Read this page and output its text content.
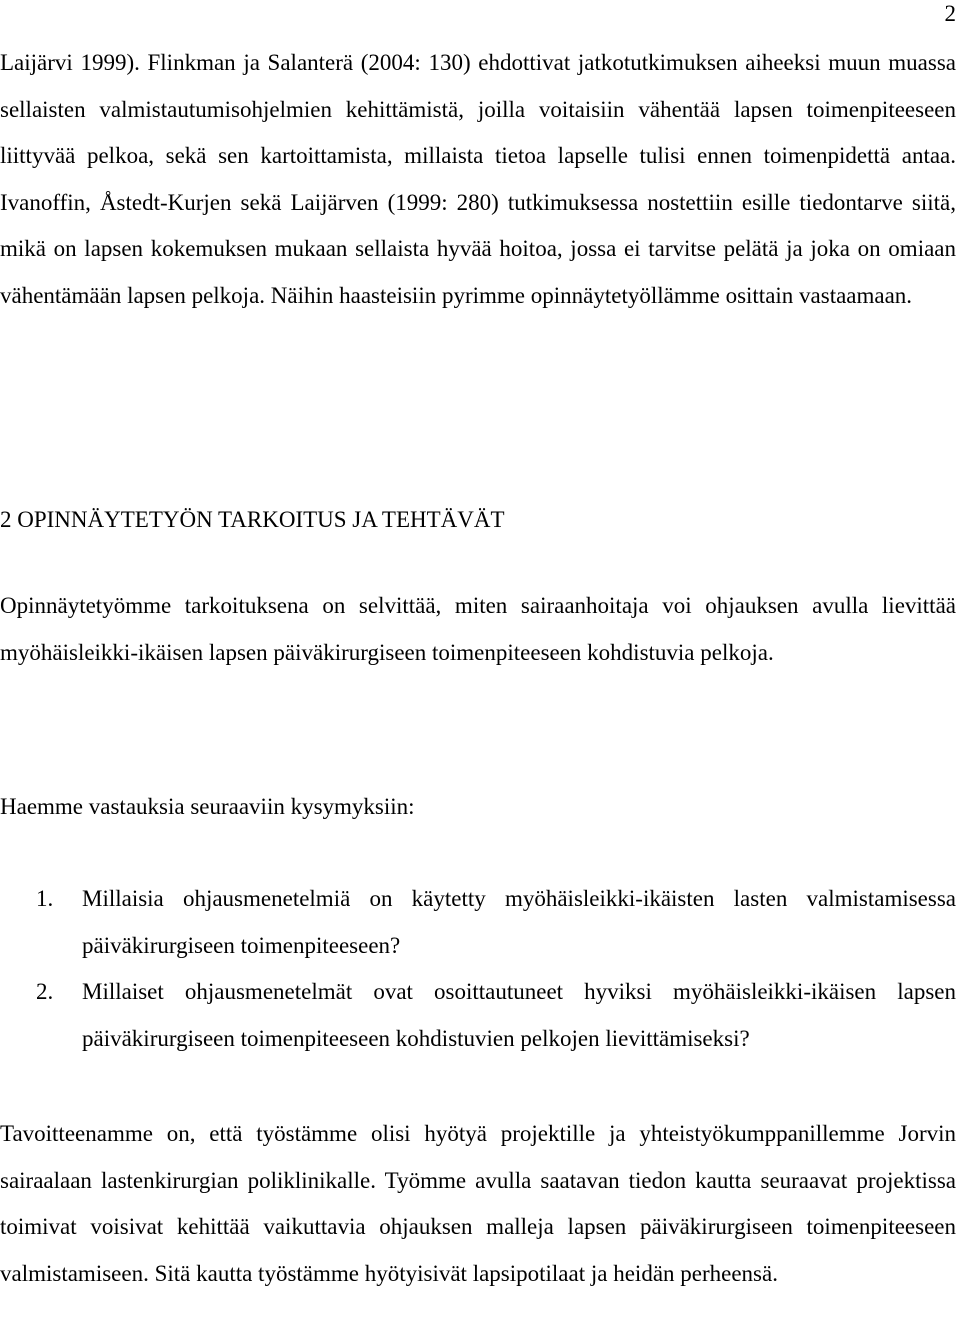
2

Laijärvi 1999). Flinkman ja Salanterä (2004: 130) ehdottivat jatkotutkimuksen aiheeksi muun muassa sellaisten valmistautumisohjelmien kehittämistä, joilla voitaisiin vähentää lapsen toimenpiteeseen liittyvää pelkoa, sekä sen kartoittamista, millaista tietoa lapselle tulisi ennen toimenpidettä antaa. Ivanoffin, Åstedt-Kurjen sekä Laijärven (1999: 280) tutkimuksessa nostettiin esille tiedontarve siitä, mikä on lapsen kokemuksen mukaan sellaista hyvää hoitoa, jossa ei tarvitse pelätä ja joka on omiaan vähentämään lapsen pelkoja. Näihin haasteisiin pyrimme opinnäytetyöllämme osittain vastaamaan.

2 OPINNÄYTETYÖN TARKOITUS JA TEHTÄVÄT

Opinnäytetyömme tarkoituksena on selvittää, miten sairaanhoitaja voi ohjauksen avulla lievittää myöhäisleikki-ikäisen lapsen päiväkirurgiseen toimenpiteeseen kohdistuvia pelkoja.

Haemme vastauksia seuraaviin kysymyksiin:

1. Millaisia ohjausmenetelmiä on käytetty myöhäisleikki-ikäisten lasten valmistamisessa päiväkirurgiseen toimenpiteeseen?
2. Millaiset ohjausmenetelmät ovat osoittautuneet hyviksi myöhäisleikki-ikäisen lapsen päiväkirurgiseen toimenpiteeseen kohdistuvien pelkojen lievittämiseksi?

Tavoitteenamme on, että työstämme olisi hyötyä projektille ja yhteistyökumppanillemme Jorvin sairaalaan lastenkirurgian poliklinikalle. Työmme avulla saatavan tiedon kautta seuraavat projektissa toimivat voisivat kehittää vaikuttavia ohjauksen malleja lapsen päiväkirurgiseen toimenpiteeseen valmistamiseen. Sitä kautta työstämme hyötyisivät lapsipotilaat ja heidän perheensä.
